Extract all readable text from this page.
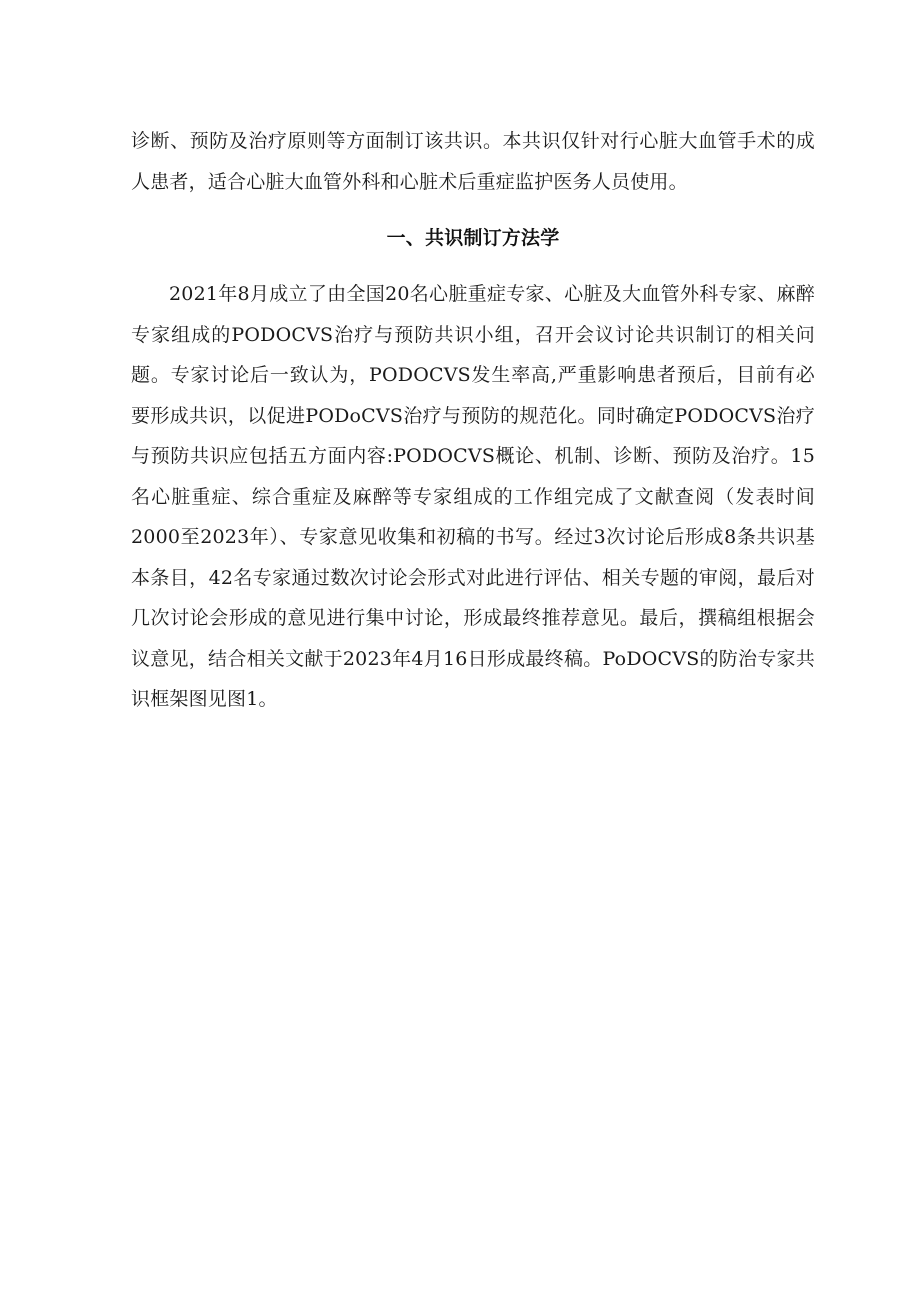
诊断、预防及治疗原则等方面制订该共识。本共识仅针对行心脏大血管手术的成人患者，适合心脏大血管外科和心脏术后重症监护医务人员使用。

一、共识制订方法学

2021年8月成立了由全国20名心脏重症专家、心脏及大血管外科专家、麻醉专家组成的PODOCVS治疗与预防共识小组，召开会议讨论共识制订的相关问题。专家讨论后一致认为，PODOCVS发生率高,严重影响患者预后，目前有必要形成共识，以促进PODoCVS治疗与预防的规范化。同时确定PODOCVS治疗与预防共识应包括五方面内容:PODOCVS概论、机制、诊断、预防及治疗。15名心脏重症、综合重症及麻醉等专家组成的工作组完成了文献查阅（发表时间2000至2023年）、专家意见收集和初稿的书写。经过3次讨论后形成8条共识基本条目，42名专家通过数次讨论会形式对此进行评估、相关专题的审阅，最后对几次讨论会形成的意见进行集中讨论，形成最终推荐意见。最后，撰稿组根据会议意见，结合相关文献于2023年4月16日形成最终稿。PoDOCVS的防治专家共识框架图见图1。
